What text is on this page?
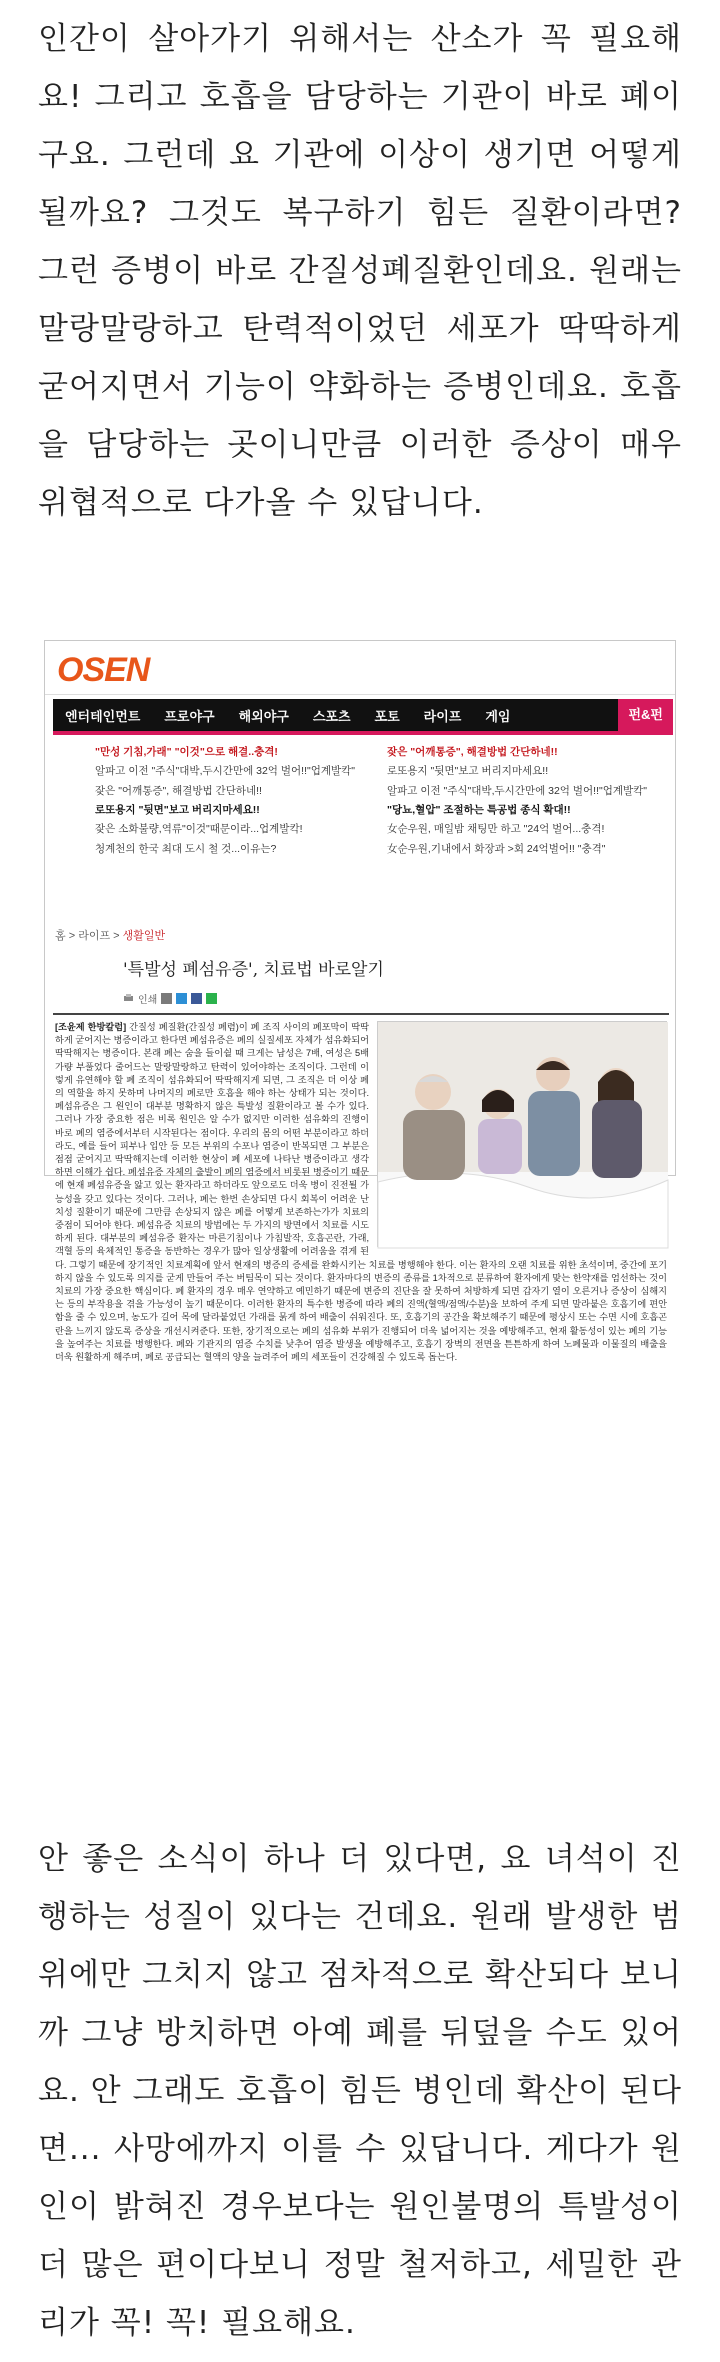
인간이 살아가기 위해서는 산소가 꼭 필요해요! 그리고 호흡을 담당하는 기관이 바로 폐이구요. 그런데 요 기관에 이상이 생기면 어떻게 될까요? 그것도 복구하기 힘든 질환이라면? 그런 증병이 바로 간질성폐질환인데요. 원래는 말랑말랑하고 탄력적이었던 세포가 딱딱하게 굳어지면서 기능이 약화하는 증병인데요. 호흡을 담당하는 곳이니만큼 이러한 증상이 매우 위협적으로 다가올 수 있답니다.
OSEN
엔터테인먼트	프로야구	해외야구	스포츠	포토	라이프	게임	펀&펀
"만성 기침,가래" "이것"으로 해결..충격!	잦은 "어깨통증", 해결방법 간단하네!!
알파고 이전 "주식"대박,두시간만에 32억 벌어!!"업계발칵"	로또용지 "뒷면"보고 버리지마세요!!
잦은 "어깨통증", 해결방법 간단하네!!	알파고 이전 "주식"대박,두시간만에 32억 벌어!!"업계발칵"
로또용지 "뒷면"보고 버리지마세요!!	"당뇨,혈압" 조절하는 특공법 종식 확대!!
잦은 소화불량,역류"이것"때문이라...업계발칵!	女순우원, 매일밤 채팅만 하고 "24억 벌어...충격!
청계천의 한국 최대 도시 철 것...이유는?	女순우원,기내에서 화장과 >회 24억벌어!! "충격"
홈 > 라이프 > 생활일반
'특발성 폐섬유증', 치료법 바로알기
인쇄

[조윤제 한방칼럼] 간질성 폐질환(간질성 폐렴)이 폐 조직 사이의 폐포막이 딱딱하게 굳어지는 병증이라고 한다면 폐섬유증은 폐의 실질세포 자체가 섬유화되어 딱딱해지는 병증이다. 본래 폐는 숨을 들이쉴 때 크게는 남성은 7배, 여성은 5배 가량 부풀었다 줄어드는 말랑말랑하고 탄력이 있어야하는 조직이다. 그런데 이렇게 유연해야 할 폐 조직이 섬유화되어 딱딱해지게 되면, 그 조직은 더 이상 폐의 역할을 하지 못하며 나머지의 폐로만 호흡을 해야 하는 상태가 되는 것이다. 폐섬유증은 그 원인이 대부분 명확하지 않은 특발성 질환이라고 볼 수가 있다. 그러나 가장 중요한 점은 비록 원인은 알 수가 없지만 이러한 섬유화의 진행이 바로 폐의 염증에서부터 시작된다는 점이다. 우리의 몸의 어떤 부분이라고 하더라도, 예를 들어 피부나 입안 등 모든 부위의 수포나 염증이 반복되면 그 부분은 점점 굳어지고 딱딱해지는데 이러한 현상이 폐 세포에 나타난 병증이라고 생각하면 이해가 쉽다. 폐섬유증 자체의 출발이 폐의 염증에서 비롯된 병증이기 때문에 현재 폐섬유증을 앓고 있는 환자라고 하더라도 앞으로도 더욱 병이 진전될 가능성을 갖고 있다는 것이다. 그러나, 폐는 한번 손상되면 다시 회복이 어려운 난치성 질환이기 때문에 그만큼 손상되지 않은 폐를 어떻게 보존하는가가 치료의 중점이 되어야 한다. 폐섬유증 치료의 방법에는 두 가지의 방면에서 치료를 시도하게 된다. 대부분의 폐섬유증 환자는 마른기침이나 가침발작, 호흡곤란, 가래, 객혈 등의 육체적인 통증을 동반하는 경우가 많아 일상생활에 어려움을 겪게 된다. 그렇기 때문에 장기적인 치료계획에 앞서 현재의 병증의 증세를 완화시키는 치료를 병행해야 한다. 이는 환자의 오랜 치료를 위한 초석이며, 중간에 포기하지 않을 수 있도록 의지를 굳게 만들어 주는 버팀목이 되는 것이다. 환자마다의 변증의 종류를 1차적으로 분류하여 환자에게 맞는 한약재를 엄선하는 것이 치료의 가장 중요한 핵심이다. 폐 환자의 경우 매우 연약하고 예민하기 때문에 변증의 진단을 잘 못하여 처방하게 되면 갑자기 열이 오른거나 증상이 심해지는 등의 부작용을 겪을 가능성이 높기 때문이다. 이러한 환자의 특수한 병증에 따라 폐의 진액(혈액/점액/수분)을 보하여 주게 되면 말라붙은 호흡기에 편안함을 줄 수 있으며, 농도가 길어 목에 달라붙었던 가래를 묽게 하여 배출이 쉬워진다. 또, 호흡기의 공간을 확보해주기 때문에 평상시 또는 수면 시에 호흡곤란을 느끼지 않도록 증상을 개선시켜준다. 또한, 장기적으로는 폐의 섬유화 부위가 진행되어 더욱 넓어지는 것을 예방해주고, 현재 활동성이 있는 폐의 기능을 높여주는 치료를 병행한다. 폐와 기관지의 염증 수치를 낮추어 염증 발생을 예방해주고, 호흡기 장벽의 전면을 튼튼하게 하여 노폐물과 이물질의 배출을 더욱 원활하게 해주며, 폐로 공급되는 혈액의 양을 늘려주어 폐의 세포들이 건강해질 수 있도록 돕는다.

안 좋은 소식이 하나 더 있다면, 요 녀석이 진행하는 성질이 있다는 건데요. 원래 발생한 범위에만 그치지 않고 점차적으로 확산되다 보니까 그냥 방치하면 아예 폐를 뒤덮을 수도 있어요. 안 그래도 호흡이 힘든 병인데 확산이 된다면... 사망에까지 이를 수 있답니다. 게다가 원인이 밝혀진 경우보다는 원인불명의 특발성이 더 많은 편이다보니 정말 철저하고, 세밀한 관리가 꼭! 꼭! 필요해요.
